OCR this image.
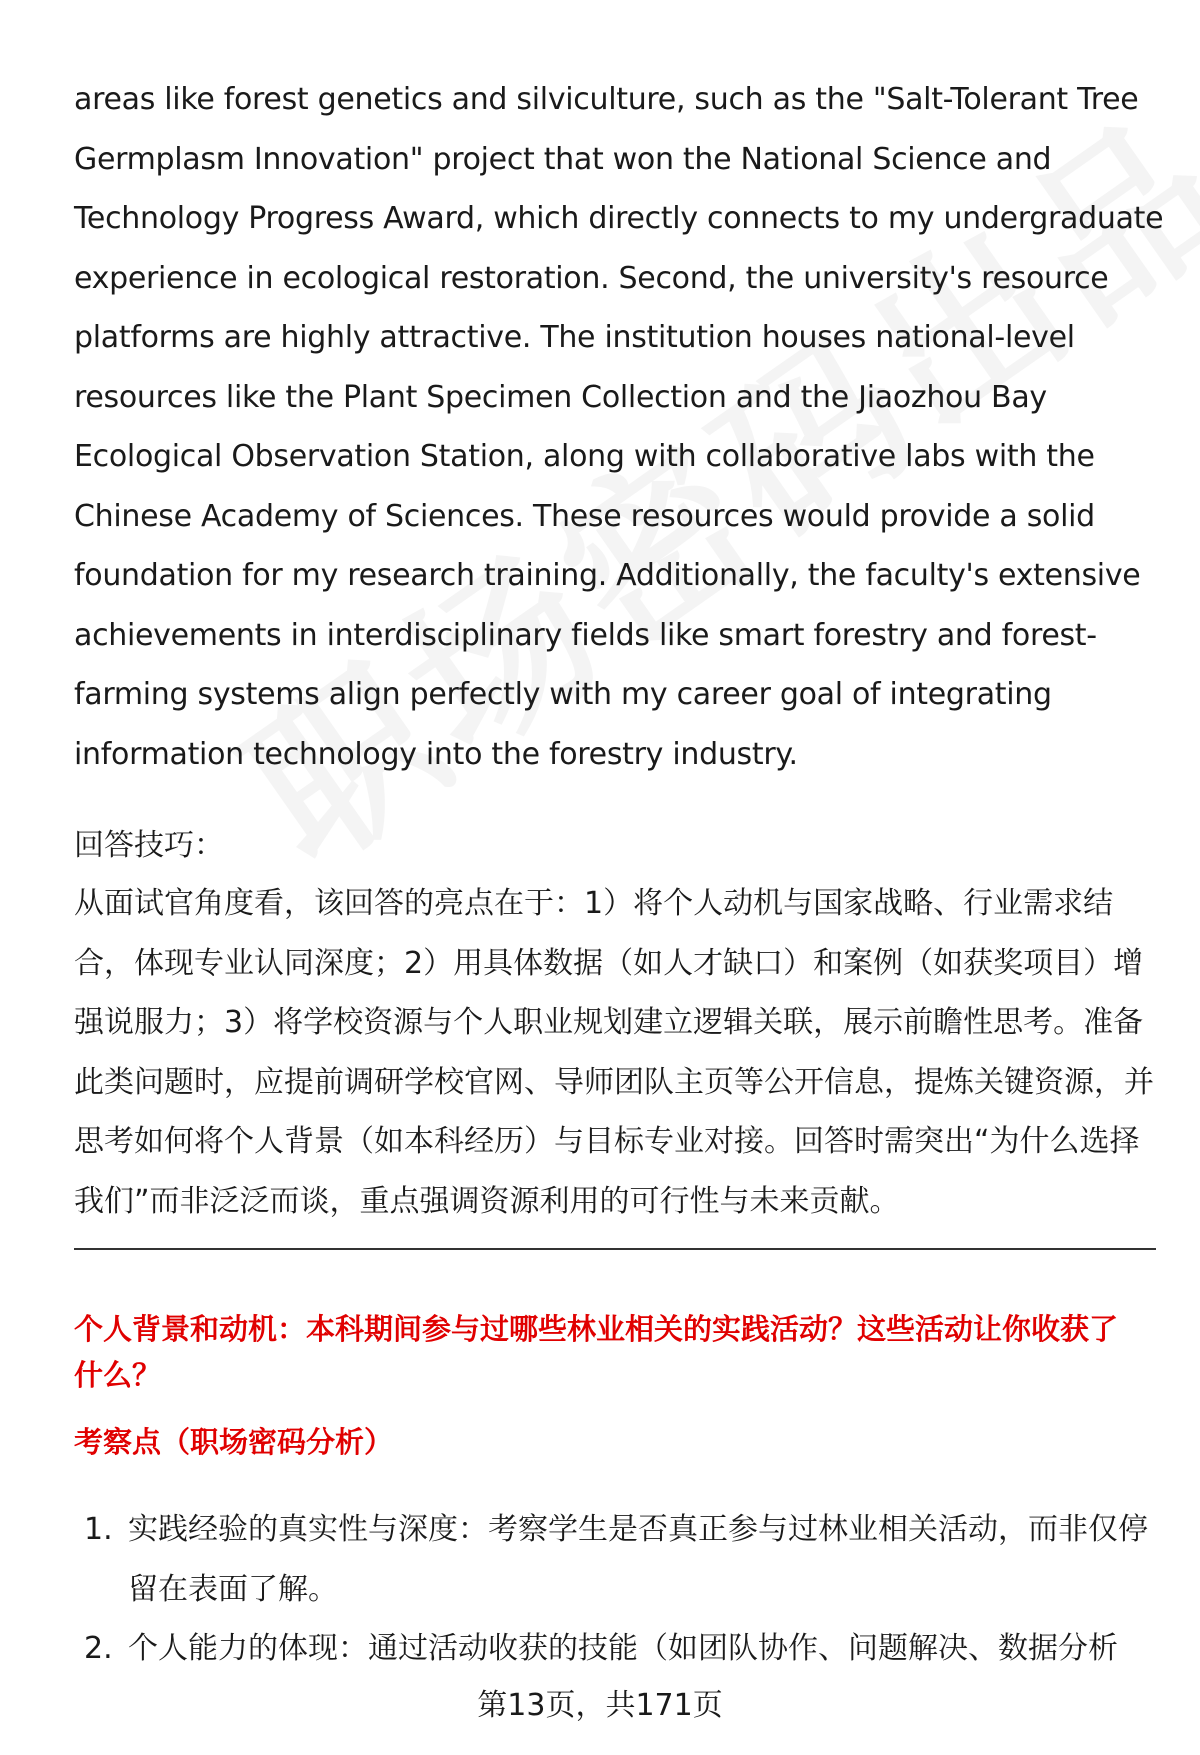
areas like forest genetics and silviculture, such as the "Salt-Tolerant Tree
Germplasm Innovation" project that won the National Science and
Technology Progress Award, which directly connects to my undergraduate
experience in ecological restoration. Second, the university's resource
platforms are highly attractive. The institution houses national-level
resources like the Plant Specimen Collection and the Jiaozhou Bay
Ecological Observation Station, along with collaborative labs with the
Chinese Academy of Sciences. These resources would provide a solid
foundation for my research training. Additionally, the faculty's extensive
achievements in interdisciplinary fields like smart forestry and forest-
farming systems align perfectly with my career goal of integrating
information technology into the forestry industry.

回答技巧：

从面试官角度看，该回答的亮点在于：1）将个人动机与国家战略、行业需求结
合，体现专业认同深度；2）用具体数据（如人才缺口）和案例（如获奖项目）增
强说服力；3）将学校资源与个人职业规划建立逻辑关联，展示前瞻性思考。准备
此类问题时，应提前调研学校官网、导师团队主页等公开信息，提炼关键资源，并
思考如何将个人背景（如本科经历）与目标专业对接。回答时需突出“为什么选择
我们”而非泛泛而谈，重点强调资源利用的可行性与未来贡献。

个人背景和动机：本科期间参与过哪些林业相关的实践活动？这些活动让你收获了
什么？
考察点（职场密码分析）
1. 实践经验的真实性与深度：考察学生是否真正参与过林业相关活动，而非仅停
留在表面了解。
2. 个人能力的体现：通过活动收获的技能（如团队协作、问题解决、数据分析
第13页，共171页
